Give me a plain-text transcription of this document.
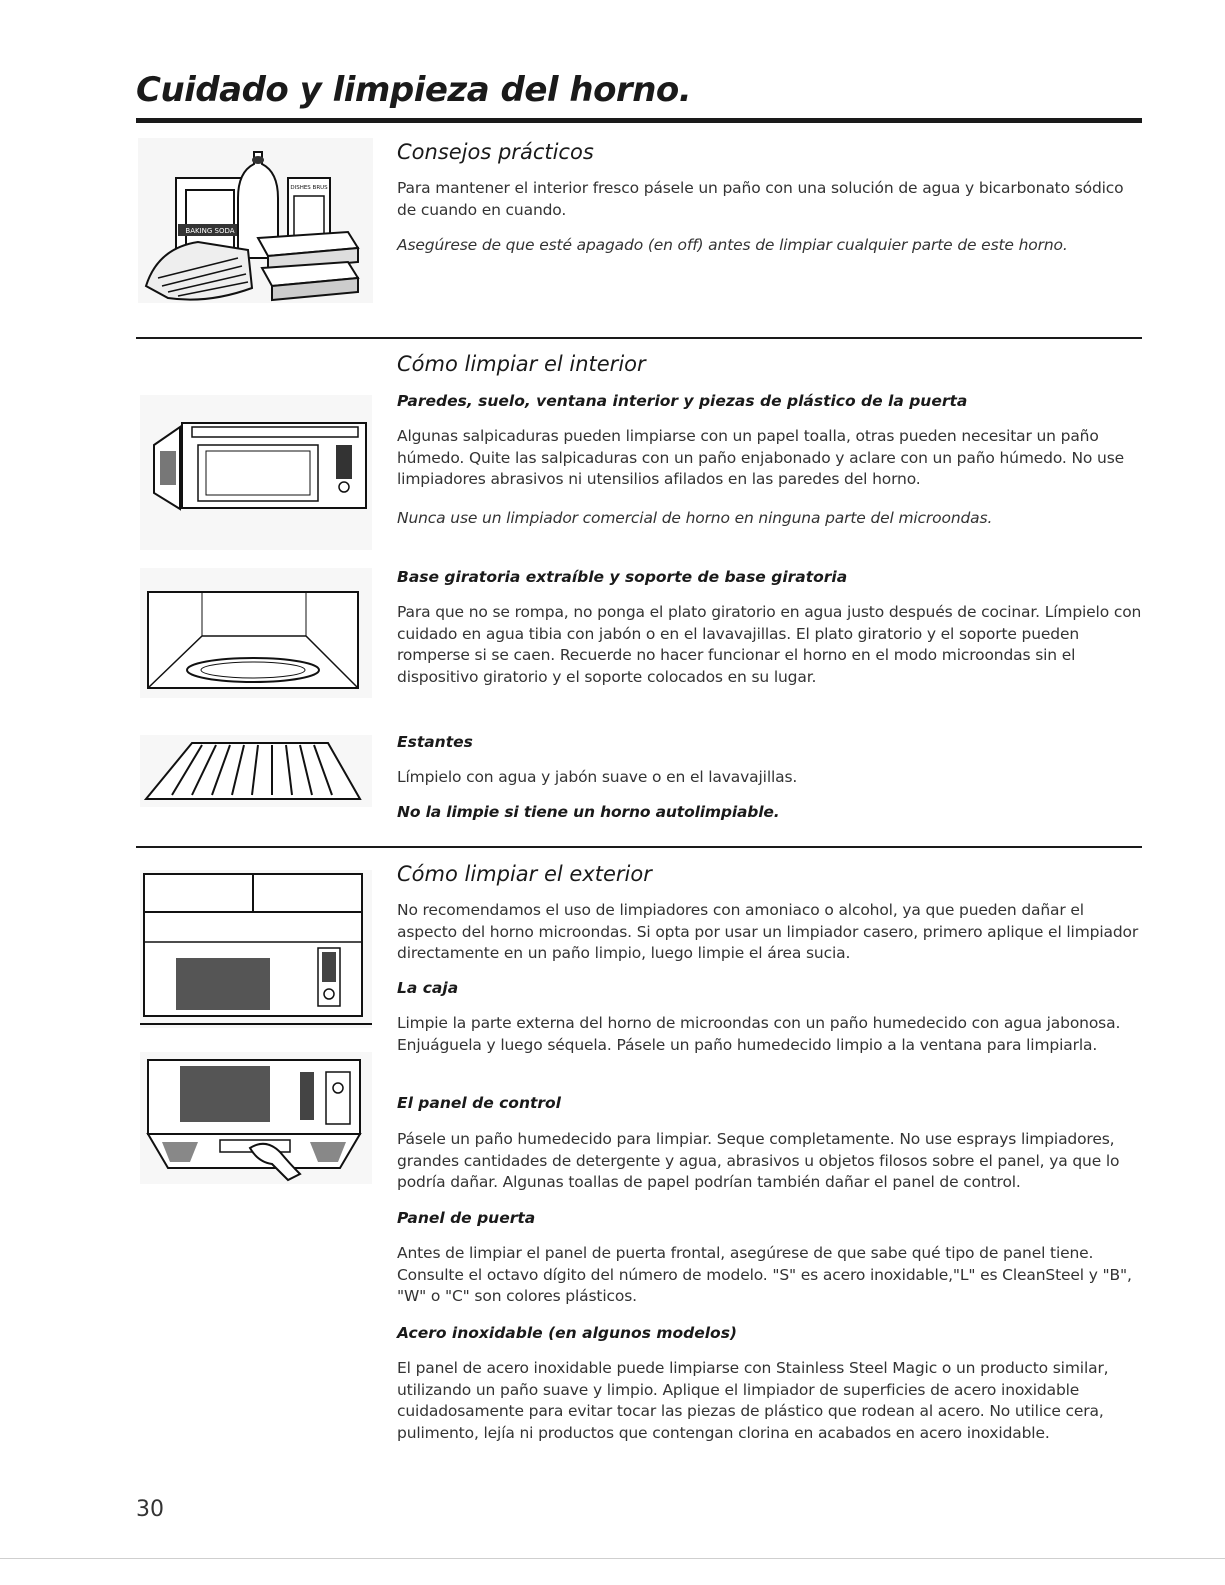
Cuidado y limpieza del horno.
BAKING SODA
DISHES BRUS
Consejos prácticos

Para mantener el interior fresco pásele un paño con una solución de agua y bicarbonato sódico de cuando en cuando.

Asegúrese de que esté apagado (en off) antes de limpiar cualquier parte de este horno.

Cómo limpiar el interior
Paredes, suelo, ventana interior y piezas de plástico de la puerta

Algunas salpicaduras pueden limpiarse con un papel toalla, otras pueden necesitar un paño húmedo. Quite las salpicaduras con un paño enjabonado y aclare con un paño húmedo. No use limpiadores abrasivos ni utensilios afilados en las paredes del horno.

Nunca use un limpiador comercial de horno en ninguna parte del microondas.

Base giratoria extraíble y soporte de base giratoria

Para que no se rompa, no ponga el plato giratorio en agua justo después de cocinar. Límpielo con cuidado en agua tibia con jabón o en el lavavajillas. El plato giratorio y el soporte pueden romperse si se caen. Recuerde no hacer funcionar el horno en el modo microondas sin el dispositivo giratorio y el soporte colocados en su lugar.

Estantes

Límpielo con agua y jabón suave o en el lavavajillas.

No la limpie si tiene un horno autolimpiable.

Cómo limpiar el exterior

No recomendamos el uso de limpiadores con amoniaco o alcohol, ya que pueden dañar el aspecto del horno microondas. Si opta por usar un limpiador casero, primero aplique el limpiador directamente en un paño limpio, luego limpie el área sucia.

La caja

Limpie la parte externa del horno de microondas con un paño humedecido con agua jabonosa. Enjuáguela y luego séquela. Pásele un paño humedecido limpio a la ventana para limpiarla.

El panel de control

Pásele un paño humedecido para limpiar. Seque completamente. No use esprays limpiadores, grandes cantidades de detergente y agua, abrasivos u objetos filosos sobre el panel, ya que lo podría dañar. Algunas toallas de papel podrían también dañar el panel de control.

Panel de puerta

Antes de limpiar el panel de puerta frontal, asegúrese de que sabe qué tipo de panel tiene. Consulte el octavo dígito del número de modelo. "S" es acero inoxidable,"L" es CleanSteel y "B", "W" o "C" son colores plásticos.

Acero inoxidable (en algunos modelos)

El panel de acero inoxidable puede limpiarse con Stainless Steel Magic o un producto similar, utilizando un paño suave y limpio. Aplique el limpiador de superficies de acero inoxidable cuidadosamente para evitar tocar las piezas de plástico que rodean al acero. No utilice cera, pulimento, lejía ni productos que contengan clorina en acabados en acero inoxidable.

30
